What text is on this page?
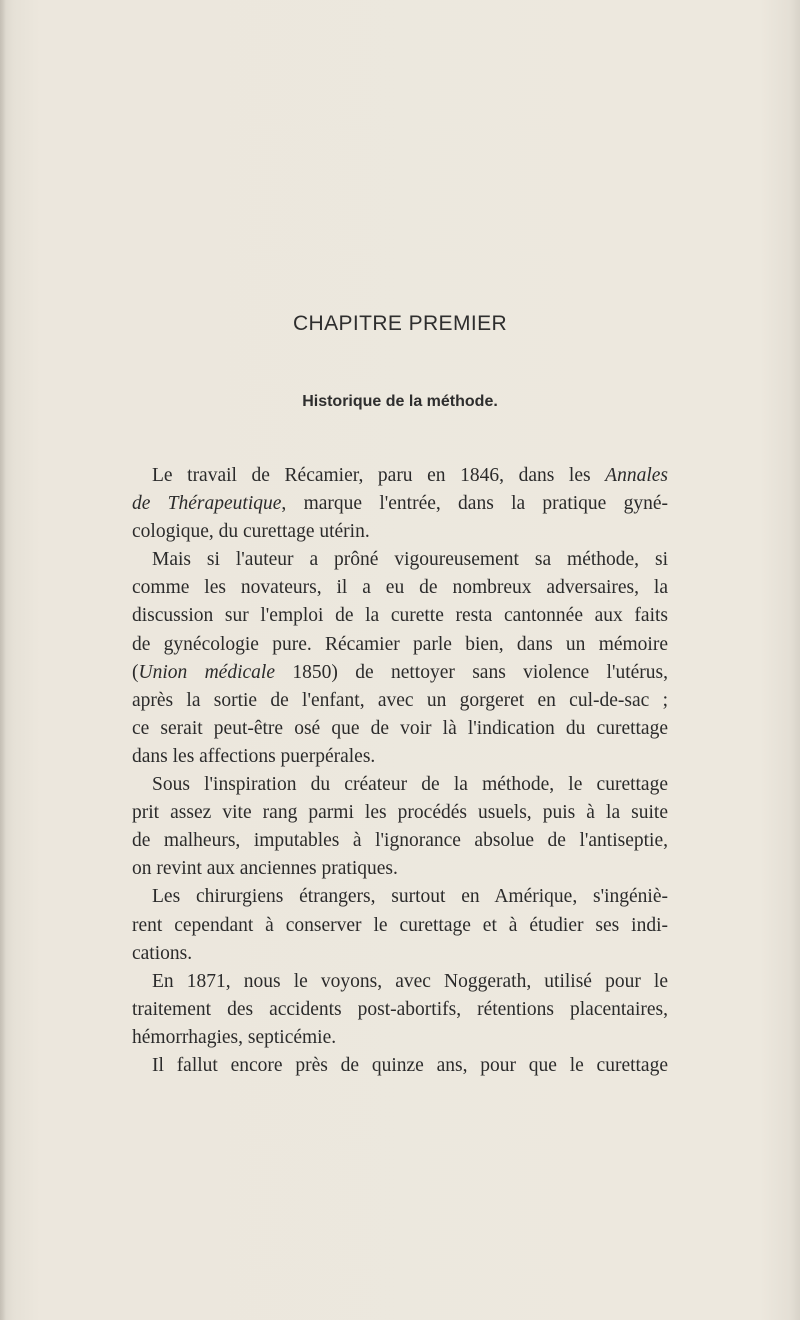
CHAPITRE PREMIER
Historique de la méthode.

Le travail de Récamier, paru en 1846, dans les Annales
de Thérapeutique, marque l'entrée, dans la pratique gyné-
cologique, du curettage utérin.

Mais si l'auteur a prôné vigoureusement sa méthode, si
comme les novateurs, il a eu de nombreux adversaires, la
discussion sur l'emploi de la curette resta cantonnée aux faits
de gynécologie pure. Récamier parle bien, dans un mémoire
(Union médicale 1850) de nettoyer sans violence l'utérus,
après la sortie de l'enfant, avec un gorgeret en cul-de-sac ;
ce serait peut-être osé que de voir là l'indication du curettage
dans les affections puerpérales.

Sous l'inspiration du créateur de la méthode, le curettage
prit assez vite rang parmi les procédés usuels, puis à la suite
de malheurs, imputables à l'ignorance absolue de l'antiseptie,
on revint aux anciennes pratiques.

Les chirurgiens étrangers, surtout en Amérique, s'ingéniè-
rent cependant à conserver le curettage et à étudier ses indi-
cations.

En 1871, nous le voyons, avec Noggerath, utilisé pour le
traitement des accidents post-abortifs, rétentions placentaires,
hémorrhagies, septicémie.

Il fallut encore près de quinze ans, pour que le curettage
